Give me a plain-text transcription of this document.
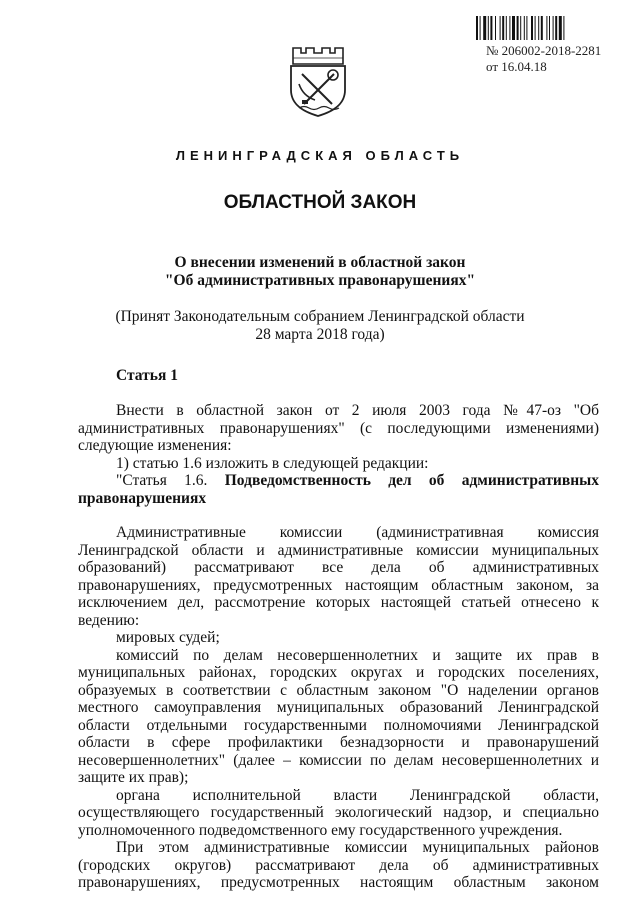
№ 206002-2018-2281
от 16.04.18
ЛЕНИНГРАДСКАЯ ОБЛАСТЬ
ОБЛАСТНОЙ ЗАКОН
О внесении изменений в областной закон
"Об административных правонарушениях"
(Принят Законодательным собранием Ленинградской области
28 марта 2018 года)
Статья 1

Внести в областной закон от 2 июля 2003 года №47-оз "Об административных правонарушениях" (с последующими изменениями) следующие изменения:

1) статью 1.6 изложить в следующей редакции:

"Статья 1.6. Подведомственность дел об административных правонарушениях

Административные комиссии (административная комиссия Ленинградской области и административные комиссии муниципальных образований) рассматривают все дела об административных правонарушениях, предусмотренных настоящим областным законом, за исключением дел, рассмотрение которых настоящей статьей отнесено к ведению:

мировых судей;

комиссий по делам несовершеннолетних и защите их прав в муниципальных районах, городских округах и городских поселениях, образуемых в соответствии с областным законом "О наделении органов местного самоуправления муниципальных образований Ленинградской области отдельными государственными полномочиями Ленинградской области в сфере профилактики безнадзорности и правонарушений несовершеннолетних" (далее – комиссии по делам несовершеннолетних и защите их прав);

органа исполнительной власти Ленинградской области, осуществляющего государственный экологический надзор, и специально уполномоченного подведомственного ему государственного учреждения.

При этом административные комиссии муниципальных районов (городских округов) рассматривают дела об административных правонарушениях, предусмотренных настоящим областным законом
